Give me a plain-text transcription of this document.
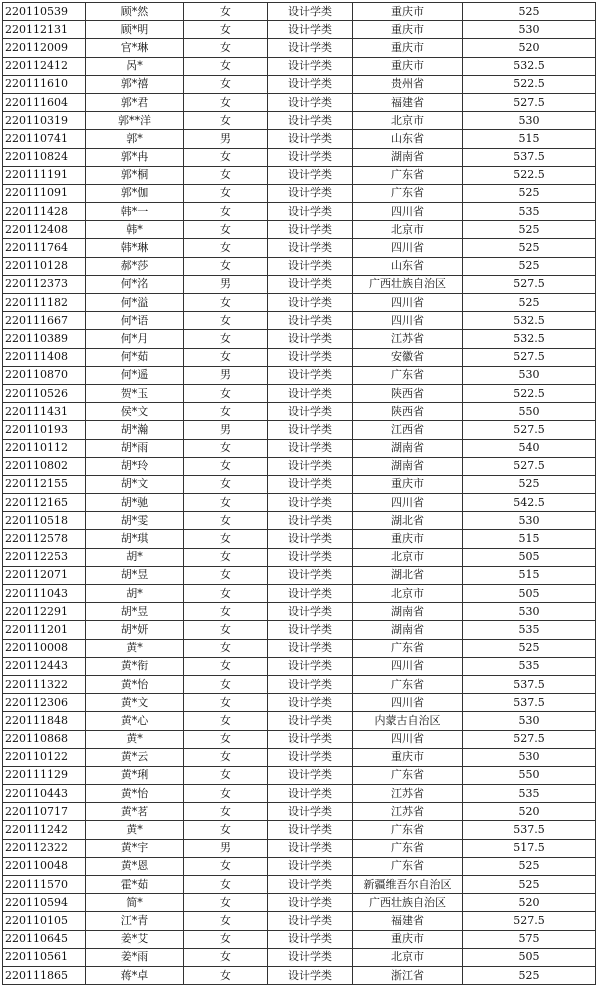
220110539	顾*然	女	设计学类	重庆市	525
220112131	顾*明	女	设计学类	重庆市	530
220112009	官*琳	女	设计学类	重庆市	520
220112412	呙*	女	设计学类	重庆市	532.5
220111610	郭*禧	女	设计学类	贵州省	522.5
220111604	郭*君	女	设计学类	福建省	527.5
220110319	郭**洋	女	设计学类	北京市	530
220110741	郭*	男	设计学类	山东省	515
220110824	郭*冉	女	设计学类	湖南省	537.5
220111191	郭*桐	女	设计学类	广东省	522.5
220111091	郭*伽	女	设计学类	广东省	525
220111428	韩*一	女	设计学类	四川省	535
220112408	韩*	女	设计学类	北京市	525
220111764	韩*琳	女	设计学类	四川省	525
220110128	郝*莎	女	设计学类	山东省	525
220112373	何*洺	男	设计学类	广西壮族自治区	527.5
220111182	何*溢	女	设计学类	四川省	525
220111667	何*语	女	设计学类	四川省	532.5
220110389	何*月	女	设计学类	江苏省	532.5
220111408	何*茹	女	设计学类	安徽省	527.5
220110870	何*遥	男	设计学类	广东省	530
220110526	贺*玉	女	设计学类	陕西省	522.5
220111431	侯*文	女	设计学类	陕西省	550
220110193	胡*瀚	男	设计学类	江西省	527.5
220110112	胡*雨	女	设计学类	湖南省	540
220110802	胡*玲	女	设计学类	湖南省	527.5
220112155	胡*文	女	设计学类	重庆市	525
220112165	胡*驰	女	设计学类	四川省	542.5
220110518	胡*雯	女	设计学类	湖北省	530
220112578	胡*琪	女	设计学类	重庆市	515
220112253	胡*	女	设计学类	北京市	505
220112071	胡*昱	女	设计学类	湖北省	515
220111043	胡*	女	设计学类	北京市	505
220112291	胡*昱	女	设计学类	湖南省	530
220111201	胡*妍	女	设计学类	湖南省	535
220110008	黄*	女	设计学类	广东省	525
220112443	黄*衔	女	设计学类	四川省	535
220111322	黄*怡	女	设计学类	广东省	537.5
220112306	黄*文	女	设计学类	四川省	537.5
220111848	黄*心	女	设计学类	内蒙古自治区	530
220110868	黄*	女	设计学类	四川省	527.5
220110122	黄*云	女	设计学类	重庆市	530
220111129	黄*琍	女	设计学类	广东省	550
220110443	黄*怡	女	设计学类	江苏省	535
220110717	黄*茗	女	设计学类	江苏省	520
220111242	黄*	女	设计学类	广东省	537.5
220112322	黄*宇	男	设计学类	广东省	517.5
220110048	黄*恩	女	设计学类	广东省	525
220111570	霍*茹	女	设计学类	新疆维吾尔自治区	525
220110594	简*	女	设计学类	广西壮族自治区	520
220110105	江*青	女	设计学类	福建省	527.5
220110645	姜*艾	女	设计学类	重庆市	575
220110561	姜*雨	女	设计学类	北京市	505
220111865	蒋*卓	女	设计学类	浙江省	525
